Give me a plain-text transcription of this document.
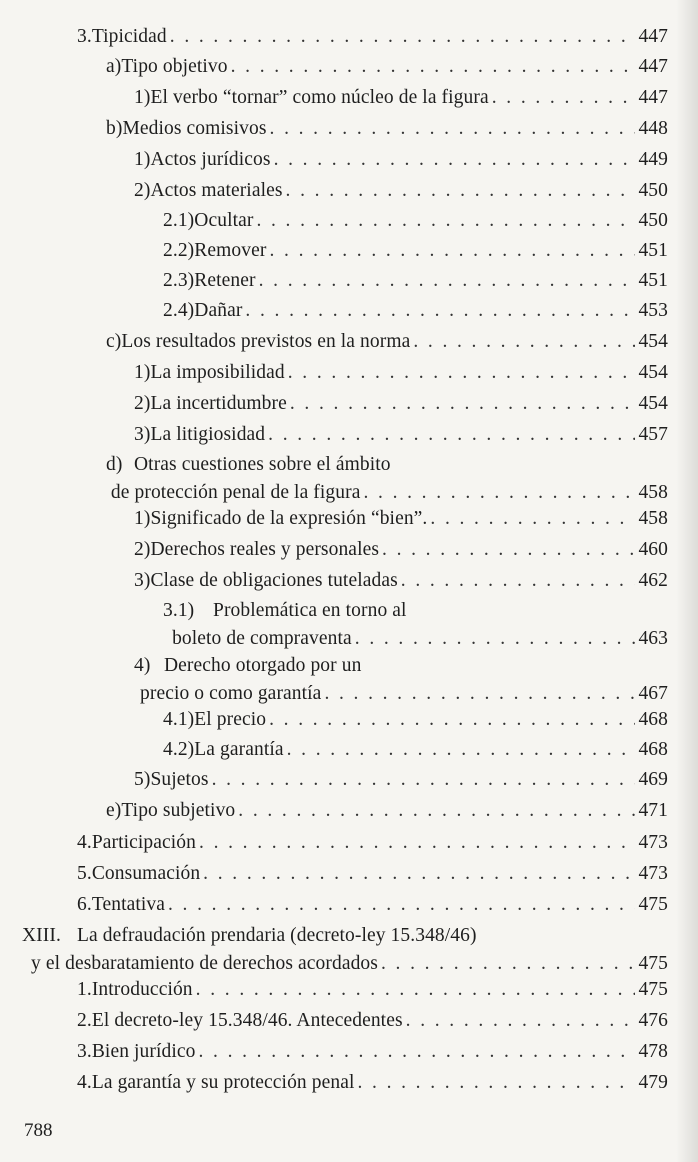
3. Tipicidad . . .	447
a) Tipo objetivo . . .	447
1) El verbo “tornar” como núcleo de la figura . . .	447
b) Medios comisivos . . .	448
1) Actos jurídicos . . .	449
2) Actos materiales . . .	450
2.1) Ocultar . . .	450
2.2) Remover . . .	451
2.3) Retener . . .	451
2.4) Dañar . . .	453
c) Los resultados previstos en la norma . . .	454
1) La imposibilidad . . .	454
2) La incertidumbre . . .	454
3) La litigiosidad . . .	457
d) Otras cuestiones sobre el ámbito
de protección penal de la figura . . .	458
1) Significado de la expresión “bien”. . . .	458
2) Derechos reales y personales . . .	460
3) Clase de obligaciones tuteladas . . .	462
3.1) Problemática en torno al
boleto de compraventa . . .	463
4) Derecho otorgado por un
precio o como garantía . . .	467
4.1) El precio . . .	468
4.2) La garantía . . .	468
5) Sujetos . . .	469
e) Tipo subjetivo . . .	471
4. Participación . . .	473
5. Consumación . . .	473
6. Tentativa . . .	475
XIII. La defraudación prendaria (decreto-ley 15.348/46)
y el desbaratamiento de derechos acordados . . .	475
1. Introducción . . .	475
2. El decreto-ley 15.348/46. Antecedentes . . .	476
3. Bien jurídico . . .	478
4. La garantía y su protección penal . . .	479
788
